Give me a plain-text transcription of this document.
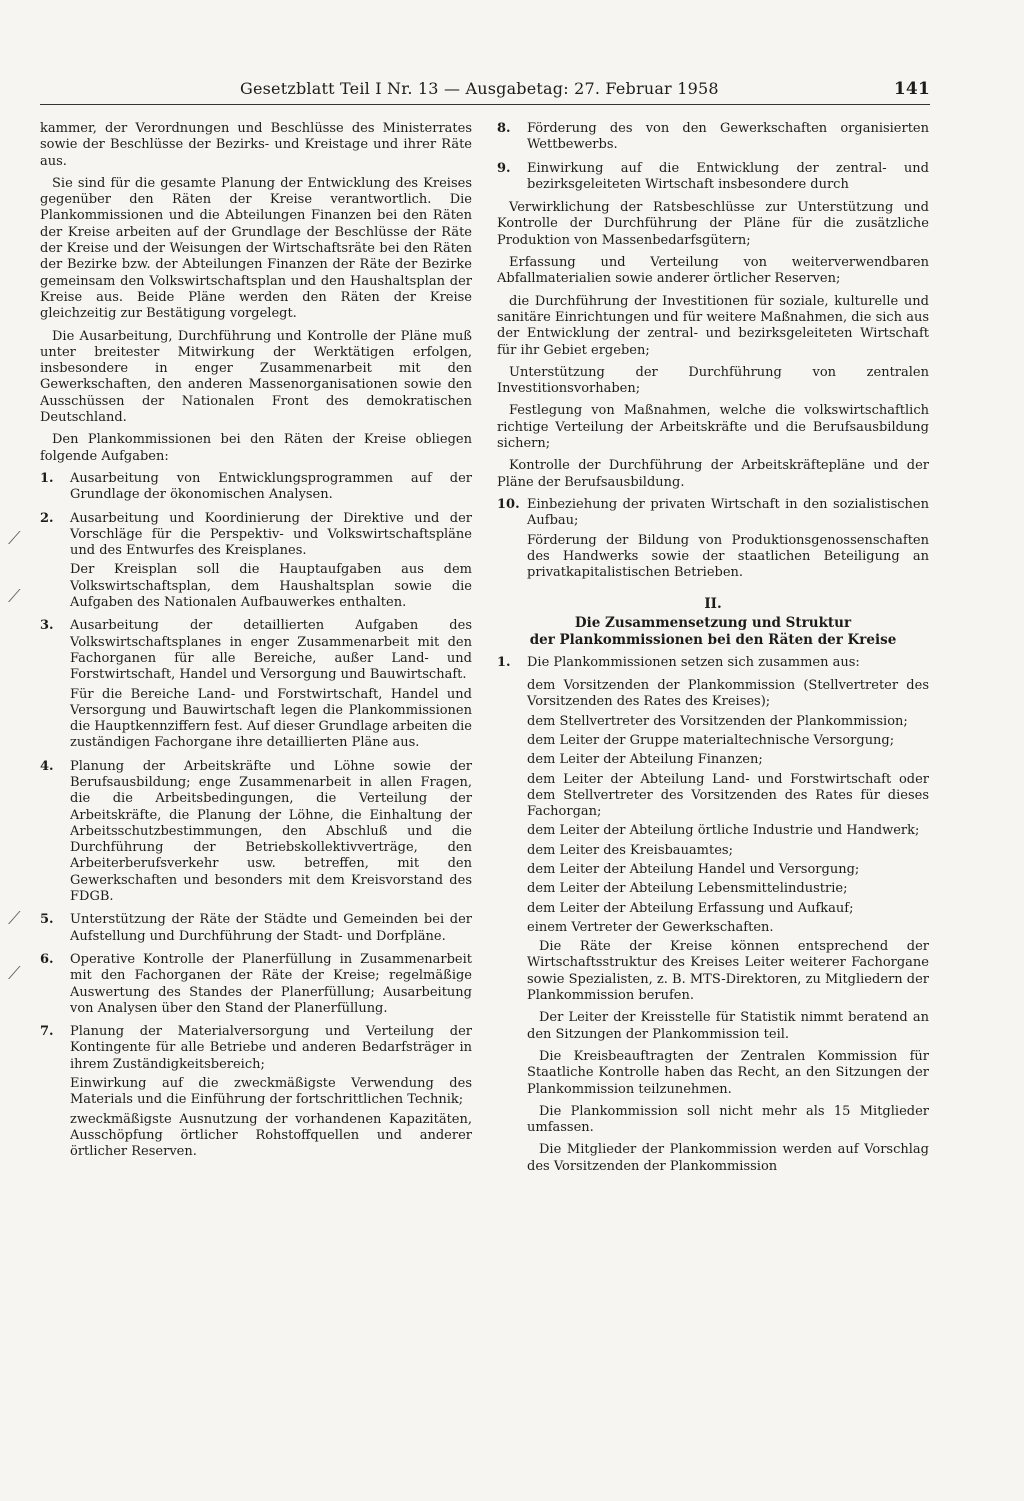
Gesetzblatt Teil I Nr. 13 — Ausgabetag: 27. Februar 1958	141
⟋
⟋
⟋
⟋

kammer, der Verordnungen und Beschlüsse des Ministerrates sowie der Beschlüsse der Bezirks- und Kreistage und ihrer Räte aus.

Sie sind für die gesamte Planung der Entwicklung des Kreises gegenüber den Räten der Kreise verantwortlich. Die Plankommissionen und die Abteilungen Finanzen bei den Räten der Kreise arbeiten auf der Grundlage der Beschlüsse der Räte der Kreise und der Weisungen der Wirtschaftsräte bei den Räten der Bezirke bzw. der Abteilungen Finanzen der Räte der Bezirke gemeinsam den Volkswirtschaftsplan und den Haushaltsplan der Kreise aus. Beide Pläne werden den Räten der Kreise gleichzeitig zur Bestätigung vorgelegt.

Die Ausarbeitung, Durchführung und Kontrolle der Pläne muß unter breitester Mitwirkung der Werktätigen erfolgen, insbesondere in enger Zusammenarbeit mit den Gewerkschaften, den anderen Massenorganisationen sowie den Ausschüssen der Nationalen Front des demokratischen Deutschland.

Den Plankommissionen bei den Räten der Kreise obliegen folgende Aufgaben:

1.	Ausarbeitung von Entwicklungsprogrammen auf der Grundlage der ökonomischen Analysen.

2.	Ausarbeitung und Koordinierung der Direktive und der Vorschläge für die Perspektiv- und Volkswirtschaftspläne und des Entwurfes des Kreisplanes.

Der Kreisplan soll die Hauptaufgaben aus dem Volkswirtschaftsplan, dem Haushaltsplan sowie die Aufgaben des Nationalen Aufbauwerkes enthalten.

3.	Ausarbeitung der detaillierten Aufgaben des Volkswirtschaftsplanes in enger Zusammenarbeit mit den Fachorganen für alle Bereiche, außer Land- und Forstwirtschaft, Handel und Versorgung und Bauwirtschaft.

Für die Bereiche Land- und Forstwirtschaft, Handel und Versorgung und Bauwirtschaft legen die Plankommissionen die Hauptkennziffern fest. Auf dieser Grundlage arbeiten die zuständigen Fachorgane ihre detaillierten Pläne aus.

4.	Planung der Arbeitskräfte und Löhne sowie der Berufsausbildung; enge Zusammenarbeit in allen Fragen, die die Arbeitsbedingungen, die Verteilung der Arbeitskräfte, die Planung der Löhne, die Einhaltung der Arbeitsschutzbestimmungen, den Abschluß und die Durchführung der Betriebskollektivverträge, den Arbeiterberufsverkehr usw. betreffen, mit den Gewerkschaften und besonders mit dem Kreisvorstand des FDGB.

5.	Unterstützung der Räte der Städte und Gemeinden bei der Aufstellung und Durchführung der Stadt- und Dorfpläne.

6.	Operative Kontrolle der Planerfüllung in Zusammenarbeit mit den Fachorganen der Räte der Kreise; regelmäßige Auswertung des Standes der Planerfüllung; Ausarbeitung von Analysen über den Stand der Planerfüllung.

7.	Planung der Materialversorgung und Verteilung der Kontingente für alle Betriebe und anderen Bedarfsträger in ihrem Zuständigkeitsbereich;

Einwirkung auf die zweckmäßigste Verwendung des Materials und die Einführung der fortschrittlichen Technik;

zweckmäßigste Ausnutzung der vorhandenen Kapazitäten, Ausschöpfung örtlicher Rohstoffquellen und anderer örtlicher Reserven.

8.	Förderung des von den Gewerkschaften organisierten Wettbewerbs.

9.	Einwirkung auf die Entwicklung der zentral- und bezirksgeleiteten Wirtschaft insbesondere durch

Verwirklichung der Ratsbeschlüsse zur Unterstützung und Kontrolle der Durchführung der Pläne für die zusätzliche Produktion von Massenbedarfsgütern;

Erfassung und Verteilung von weiterverwendbaren Abfallmaterialien sowie anderer örtlicher Reserven;

die Durchführung der Investitionen für soziale, kulturelle und sanitäre Einrichtungen und für weitere Maßnahmen, die sich aus der Entwicklung der zentral- und bezirksgeleiteten Wirtschaft für ihr Gebiet ergeben;

Unterstützung der Durchführung von zentralen Investitionsvorhaben;

Festlegung von Maßnahmen, welche die volkswirtschaftlich richtige Verteilung der Arbeitskräfte und die Berufsausbildung sichern;

Kontrolle der Durchführung der Arbeitskräftepläne und der Pläne der Berufsausbildung.

10. Einbeziehung der privaten Wirtschaft in den sozialistischen Aufbau;

Förderung der Bildung von Produktionsgenossenschaften des Handwerks sowie der staatlichen Beteiligung an privatkapitalistischen Betrieben.

II.
Die Zusammensetzung und Struktur
der Plankommissionen bei den Räten der Kreise
1.	Die Plankommissionen setzen sich zusammen aus:

dem Vorsitzenden der Plankommission (Stellvertreter des Vorsitzenden des Rates des Kreises);
dem Stellvertreter des Vorsitzenden der Plankommission;
dem Leiter der Gruppe materialtechnische Versorgung;
dem Leiter der Abteilung Finanzen;
dem Leiter der Abteilung Land- und Forstwirtschaft oder dem Stellvertreter des Vorsitzenden des Rates für dieses Fachorgan;
dem Leiter der Abteilung örtliche Industrie und Handwerk;
dem Leiter des Kreisbauamtes;
dem Leiter der Abteilung Handel und Versorgung;
dem Leiter der Abteilung Lebensmittelindustrie;
dem Leiter der Abteilung Erfassung und Aufkauf;
einem Vertreter der Gewerkschaften.

Die Räte der Kreise können entsprechend der Wirtschaftsstruktur des Kreises Leiter weiterer Fachorgane sowie Spezialisten, z. B. MTS-Direktoren, zu Mitgliedern der Plankommission berufen.

Der Leiter der Kreisstelle für Statistik nimmt beratend an den Sitzungen der Plankommission teil.

Die Kreisbeauftragten der Zentralen Kommission für Staatliche Kontrolle haben das Recht, an den Sitzungen der Plankommission teilzunehmen.

Die Plankommission soll nicht mehr als 15 Mitglieder umfassen.

Die Mitglieder der Plankommission werden auf Vorschlag des Vorsitzenden der Plankommission
